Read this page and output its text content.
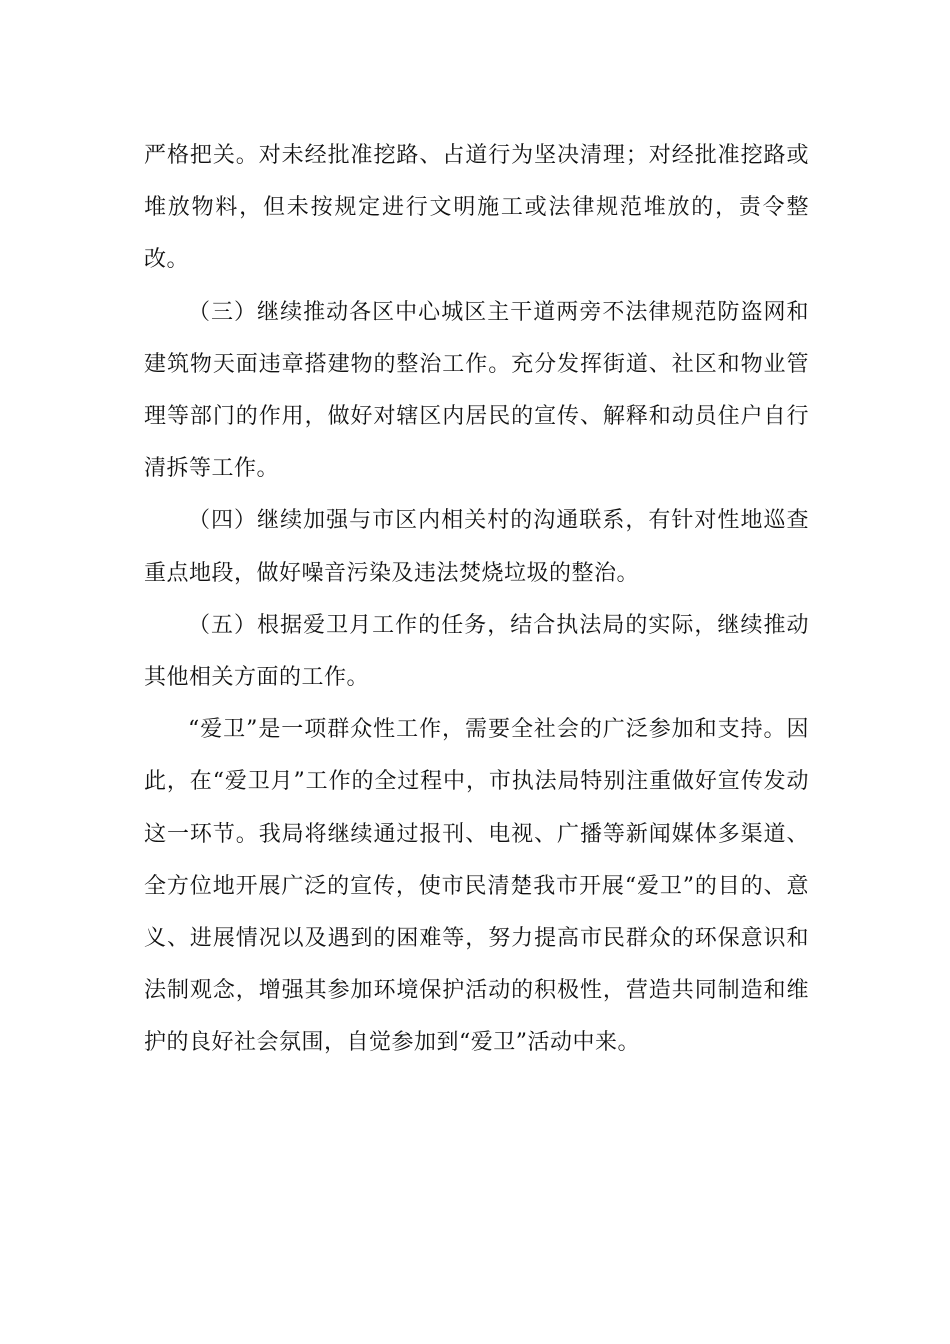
严格把关。对未经批准挖路、占道行为坚决清理；对经批准挖路或堆放物料，但未按规定进行文明施工或法律规范堆放的，责令整改。

（三）继续推动各区中心城区主干道两旁不法律规范防盗网和建筑物天面违章搭建物的整治工作。充分发挥街道、社区和物业管理等部门的作用，做好对辖区内居民的宣传、解释和动员住户自行清拆等工作。

（四）继续加强与市区内相关村的沟通联系，有针对性地巡查重点地段，做好噪音污染及违法焚烧垃圾的整治。

（五）根据爱卫月工作的任务，结合执法局的实际，继续推动其他相关方面的工作。

“爱卫”是一项群众性工作，需要全社会的广泛参加和支持。因此，在“爱卫月”工作的全过程中，市执法局特别注重做好宣传发动这一环节。我局将继续通过报刊、电视、广播等新闻媒体多渠道、全方位地开展广泛的宣传，使市民清楚我市开展“爱卫”的目的、意义、进展情况以及遇到的困难等，努力提高市民群众的环保意识和法制观念，增强其参加环境保护活动的积极性，营造共同制造和维护的良好社会氛围，自觉参加到“爱卫”活动中来。
